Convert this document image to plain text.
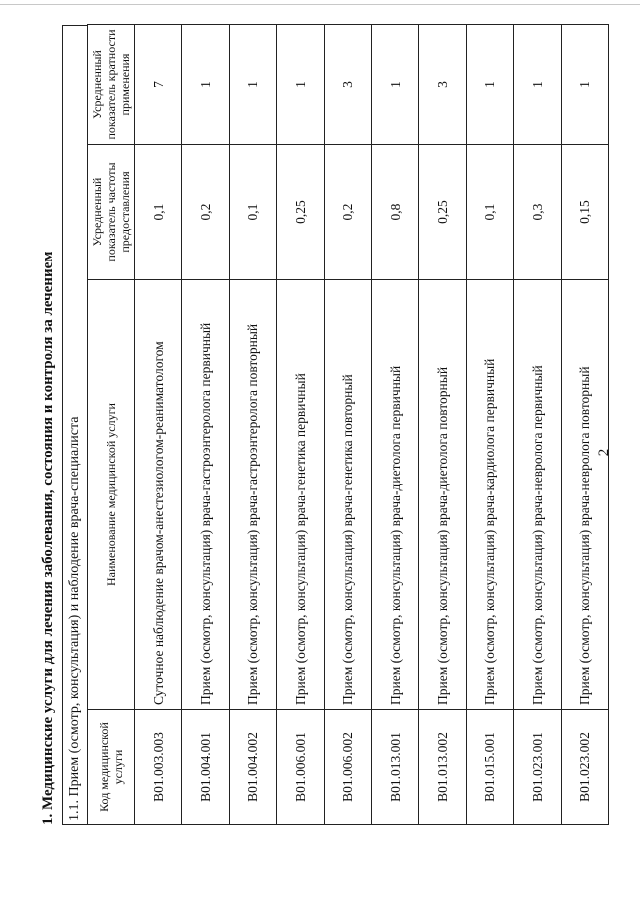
2
1. Медицинские услуги для лечения заболевания, состояния и контроля за лечением 1.1. Прием (осмотр, консультация) и наблодение врача-специалиста	Код медицинской услуги	Наименование медицинской услуги	Усредненный показатель частоты предоставления	Усредненный показатель кратности применения
B01.003.003	Суточное наблюдение врачом-анестезиологом-реаниматологом	0,1	7
B01.004.001	Прием (осмотр, консультация) врача-гастроэнтеролога первичный	0,2	1
B01.004.002	Прием (осмотр, консультация) врача-гастроэнтеролога повторный	0,1	1
B01.006.001	Прием (осмотр, консультация) врача-генетика первичный	0,25	1
B01.006.002	Прием (осмотр, консультация) врача-генетика повторный	0,2	3
B01.013.001	Прием (осмотр, консультация) врача-диетолога первичный	0,8	1
B01.013.002	Прием (осмотр, консультация) врача-диетолога повторный	0,25	3
B01.015.001	Прием (осмотр, консультация) врача-кардиолога первичный	0,1	1
B01.023.001	Прием (осмотр, консультация) врача-невролога первичный	0,3	1
B01.023.002	Прием (осмотр, консультация) врача-невролога повторный	0,15	1
